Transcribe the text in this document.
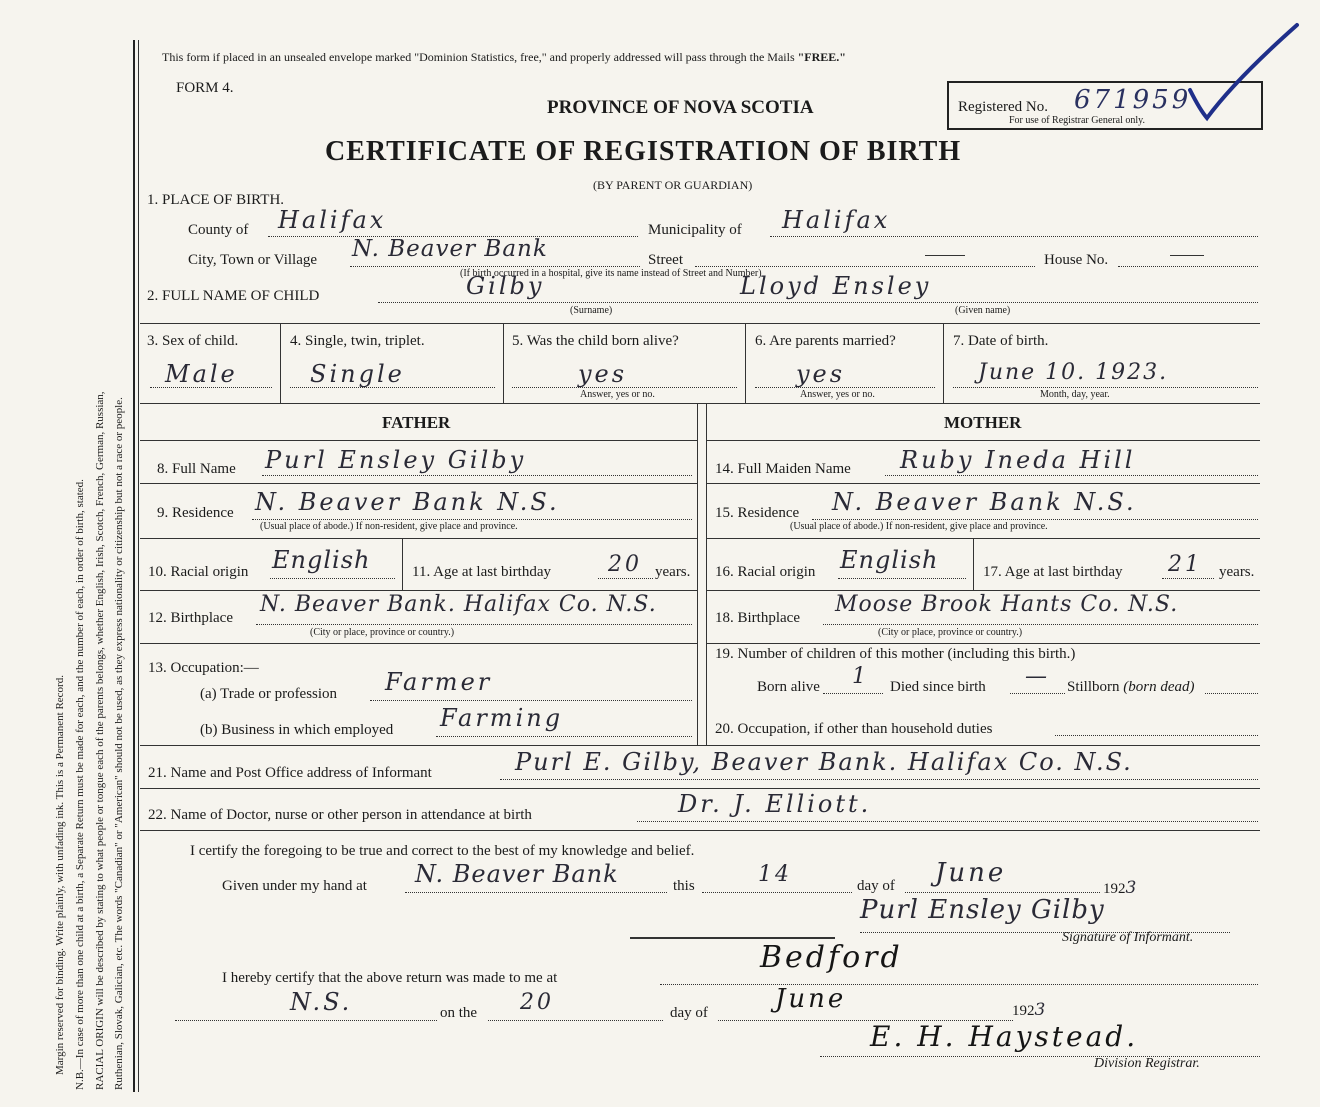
Margin reserved for binding. Write plainly, with unfading ink. This is a Permanent Record. N.B.—In case of more than one child at a birth, a Separate Return must be made for each, and the number of each, in order of birth, stated. RACIAL ORIGIN will be described by stating to what people or tongue each of the parents belongs, whether English, Irish, Scotch, French, German, Russian, Ruthenian, Slovak, Galician, etc. The words "Canadian" or "American" should not be used, as they express nationality or citizenship but not a race or people.
This form if placed in an unsealed envelope marked "Dominion Statistics, free," and properly addressed will pass through the Mails "FREE."
FORM 4.
PROVINCE OF NOVA SCOTIA
CERTIFICATE OF REGISTRATION OF BIRTH
(BY PARENT OR GUARDIAN)
Registered No. 671959
For use of Registrar General only.
1. PLACE OF BIRTH.
County of Halifax	Municipality of Halifax
City, Town or Village N. Beaver Bank	Street	House No.
(If birth occurred in a hospital, give its name instead of Street and Number)
2. FULL NAME OF CHILD	Gilby	Lloyd Ensley
(Surname)	(Given name)
3. Sex of child.
Male
4. Single, twin, triplet.
Single
5. Was the child born alive?
yes
Answer, yes or no.
6. Are parents married?
yes
Answer, yes or no.
7. Date of birth.
June 10. 1923.
Month, day, year.
FATHER	MOTHER
8. Full Name Purl Ensley Gilby
9. Residence N. Beaver Bank N.S.
(Usual place of abode.) If non-resident, give place and province.
10. Racial origin English	11. Age at last birthday	20 years.
12. Birthplace
N. Beaver Bank. Halifax Co. N.S.
(City or place, province or country.)
13. Occupation:—
(a) Trade or profession Farmer
(b) Business in which employed Farming
14. Full Maiden Name Ruby Ineda Hill
15. Residence N. Beaver Bank N.S.
(Usual place of abode.) If non-resident, give place and province.
16. Racial origin English	17. Age at last birthday 21 years.
18. Birthplace
Moose Brook Hants Co. N.S.
(City or place, province or country.)
19. Number of children of this mother (including this birth.)
Born alive 1 Died since birth — Stillborn (born dead)
20. Occupation, if other than household duties
21. Name and Post Office address of Informant	Purl E. Gilby, Beaver Bank. Halifax Co. N.S.
22. Name of Doctor, nurse or other person in attendance at birth	Dr. J. Elliott.
I certify the foregoing to be true and correct to the best of my knowledge and belief.
Given under my hand at N. Beaver Bank	this	14	day of June
1923
Purl Ensley Gilby
Signature of Informant.
I hereby certify that the above return was made to me at
Bedford
N.S.	on the 20	day of	June	1923
E. H. Haystead.
Division Registrar.
